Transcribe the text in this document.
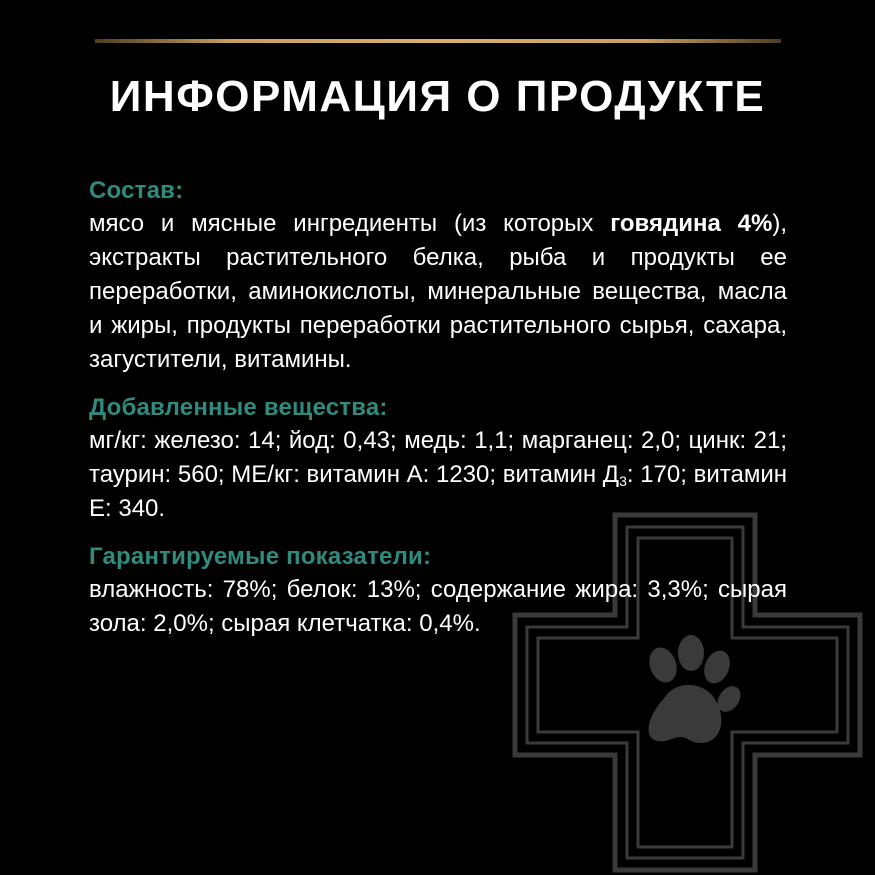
ИНФОРМАЦИЯ О ПРОДУКТЕ
Состав:
мясо и мясные ингредиенты (из которых говядина 4%), экстракты растительного белка, рыба и продукты ее переработки, аминокислоты, минеральные вещества, масла и жиры, продукты переработки растительного сырья, сахара, загустители, витамины.
Добавленные вещества:
мг/кг: железо: 14; йод: 0,43; медь: 1,1; марганец: 2,0; цинк: 21; таурин: 560; МЕ/кг: витамин А: 1230; витамин $Д_3$: 170; витамин Е: 340.
Гарантируемые показатели:
влажность: 78%; белок: 13%; содержание жира: 3,3%; сырая зола: 2,0%; сырая клетчатка: 0,4%.
